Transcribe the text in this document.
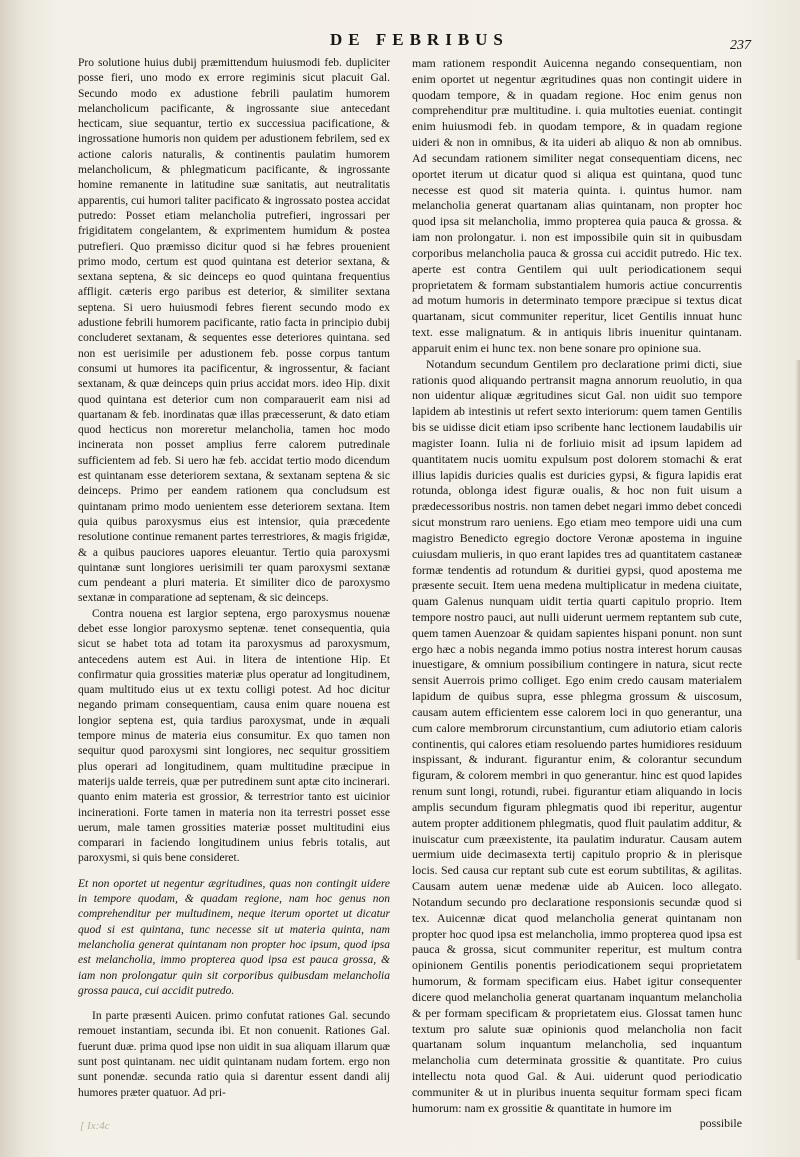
DE FEBRIBUS	237

Pro solutione huius dubij præmittendum huiusmodi feb. dupliciter posse fieri, uno modo ex errore regiminis sicut placuit Gal. Secundo modo ex adustione febrili paulatim humorem melancholicum pacificante, & ingrossante siue antecedant hecticam, siue sequantur, tertio ex successiua pacificatione, & ingrossatione humoris non quidem per adustionem febrilem, sed ex actione caloris naturalis, & continentis paulatim humorem melancholicum, & phlegmaticum pacificante, & ingrossante homine remanente in latitudine suæ sanitatis, aut neutralitatis apparentis, cui humori taliter pacificato & ingrossato postea accidat putredo: Posset etiam melancholia putrefieri, ingrossari per frigiditatem congelantem, & exprimentem humidum & postea putrefieri. Quo præmisso dicitur quod si hæ febres prouenient primo modo, certum est quod quintana est deterior sextana, & sextana septena, & sic deinceps eo quod quintana frequentius affligit. cæteris ergo paribus est deterior, & similiter sextana septena. Si uero huiusmodi febres fierent secundo modo ex adustione febrili humorem pacificante, ratio facta in principio dubij concluderet sextanam, & sequentes esse deteriores quintana. sed non est uerisimile per adustionem feb. posse corpus tantum consumi ut humores ita pacificentur, & ingrossentur, & faciant sextanam, & quæ deinceps quin prius accidat mors. ideo Hip. dixit quod quintana est deterior cum non comparauerit eam nisi ad quartanam & feb. inordinatas quæ illas præcesserunt, & dato etiam quod hecticus non moreretur melancholia, tamen hoc modo incinerata non posset amplius ferre calorem putredinale sufficientem ad feb. Si uero hæ feb. accidat tertio modo dicendum est quintanam esse deteriorem sextana, & sextanam septena & sic deinceps. Primo per eandem rationem qua concludsum est quintanam primo modo uenientem esse deteriorem sextana. Item quia quibus paroxysmus eius est intensior, quia præcedente resolutione continue remanent partes terrestriores, & magis frigidæ, & a quibus pauciores uapores eleuantur. Tertio quia paroxysmi quintanæ sunt longiores uerisimili ter quam paroxysmi sextanæ cum pendeant a pluri materia. Et similiter dico de paroxysmo sextanæ in comparatione ad septenam, & sic deinceps.

Contra nouena est largior septena, ergo paroxysmus nouenæ debet esse longior paroxysmo septenæ. tenet consequentia, quia sicut se habet tota ad totam ita paroxysmus ad paroxysmum, antecedens autem est Aui. in litera de intentione Hip. Et confirmatur quia grossities materiæ plus operatur ad longitudinem, quam multitudo eius ut ex textu colligi potest. Ad hoc dicitur negando primam consequentiam, causa enim quare nouena est longior septena est, quia tardius paroxysmat, unde in æquali tempore minus de materia eius consumitur. Ex quo tamen non sequitur quod paroxysmi sint longiores, nec sequitur grossitiem plus operari ad longitudinem, quam multitudine præcipue in materijs ualde terreis, quæ per putredinem sunt aptæ cito incinerari. quanto enim materia est grossior, & terrestrior tanto est uicinior incinerationi. Forte tamen in materia non ita terrestri posset esse uerum, male tamen grossities materiæ posset multitudini eius comparari in faciendo longitudinem unius febris totalis, aut paroxysmi, si quis bene consideret.

Et non oportet ut negentur ægritudines, quas non contingit uidere in tempore quodam, & quadam regione, nam hoc genus non comprehenditur per multudinem, neque iterum oportet ut dicatur quod si est quintana, tunc necesse sit ut materia quinta, nam melancholia generat quintanam non propter hoc ipsum, quod ipsa est melancholia, immo propterea quod ipsa est pauca grossa, & iam non prolongatur quin sit corporibus quibusdam melancholia grossa pauca, cui accidit putredo.

In parte præsenti Auicen. primo confutat rationes Gal. secundo remouet instantiam, secunda ibi. Et non conuenit. Rationes Gal. fuerunt duæ. prima quod ipse non uidit in sua aliquam illarum quæ sunt post quintanam. nec uidit quintanam nudam fortem. ergo non sunt ponendæ. secunda ratio quia si darentur essent dandi alij humores præter quatuor. Ad pri-

mam rationem respondit Auicenna negando consequentiam, non enim oportet ut negentur ægritudines quas non contingit uidere in quodam tempore, & in quadam regione. Hoc enim genus non comprehenditur præ multitudine. i. quia multoties eueniat. contingit enim huiusmodi feb. in quodam tempore, & in quadam regione uideri & non in omnibus, & ita uideri ab aliquo & non ab omnibus. Ad secundam rationem similiter negat consequentiam dicens, nec oportet iterum ut dicatur quod si aliqua est quintana, quod tunc necesse est quod sit materia quinta. i. quintus humor. nam melancholia generat quartanam alias quintanam, non propter hoc quod ipsa sit melancholia, immo propterea quia pauca & grossa. & iam non prolongatur. i. non est impossibile quin sit in quibusdam corporibus melancholia pauca & grossa cui accidit putredo. Hic tex. aperte est contra Gentilem qui uult periodicationem sequi proprietatem & formam substantialem humoris actiue concurrentis ad motum humoris in determinato tempore præcipue si textus dicat quartanam, sicut communiter reperitur, licet Gentilis innuat hunc text. esse malignatum. & in antiquis libris inuenitur quintanam. apparuit enim ei hunc tex. non bene sonare pro opinione sua.

Notandum secundum Gentilem pro declaratione primi dicti, siue rationis quod aliquando pertransit magna annorum reuolutio, in qua non uidentur aliquæ ægritudines sicut Gal. non uidit suo tempore lapidem ab intestinis ut refert sexto interiorum: quem tamen Gentilis bis se uidisse dicit etiam ipso scribente hanc lectionem laudabilis uir magister Ioann. Iulia ni de forliuio misit ad ipsum lapidem ad quantitatem nucis uomitu expulsum post dolorem stomachi & erat illius lapidis duricies qualis est duricies gypsi, & figura lapidis erat rotunda, oblonga idest figuræ oualis, & hoc non fuit uisum a prædecessoribus nostris. non tamen debet negari immo debet concedi sicut monstrum raro ueniens. Ego etiam meo tempore uidi una cum magistro Benedicto egregio doctore Veronæ apostema in inguine cuiusdam mulieris, in quo erant lapides tres ad quantitatem castaneæ formæ tendentis ad rotundum & duritiei gypsi, quod apostema me præsente secuit. Item uena medena multiplicatur in medena ciuitate, quam Galenus nunquam uidit tertia quarti capitulo proprio. Item tempore nostro pauci, aut nulli uiderunt uermem reptantem sub cute, quem tamen Auenzoar & quidam sapientes hispani ponunt. non sunt ergo hæc a nobis neganda immo potius nostra interest horum causas inuestigare, & omnium possibilium contingere in natura, sicut recte sensit Auerrois primo colliget. Ego enim credo causam materialem lapidum de quibus supra, esse phlegma grossum & uiscosum, causam autem efficientem esse calorem loci in quo generantur, una cum calore membrorum circunstantium, cum adiutorio etiam caloris continentis, qui calores etiam resoluendo partes humidiores residuum inspissant, & indurant. figurantur enim, & colorantur secundum figuram, & colorem membri in quo generantur. hinc est quod lapides renum sunt longi, rotundi, rubei. figurantur etiam aliquando in locis amplis secundum figuram phlegmatis quod ibi reperitur, augentur autem propter additionem phlegmatis, quod fluit paulatim additur, & inuiscatur cum præexistente, ita paulatim induratur. Causam autem uermium uide decimasexta tertij capitulo proprio & in plerisque locis. Sed causa cur reptant sub cute est eorum subtilitas, & agilitas. Causam autem uenæ medenæ uide ab Auicen. loco allegato. Notandum secundo pro declaratione responsionis secundæ quod si tex. Auicennæ dicat quod melancholia generat quintanam non propter hoc quod ipsa est melancholia, immo propterea quod ipsa est pauca & grossa, sicut communiter reperitur, est multum contra opinionem Gentilis ponentis periodicationem sequi proprietatem humorum, & formam specificam eius. Habet igitur consequenter dicere quod melancholia generat quartanam inquantum melancholia & per formam specificam & proprietatem eius. Glossat tamen hunc textum pro salute suæ opinionis quod melancholia non facit quartanam solum inquantum melancholia, sed inquantum melancholia cum determinata grossitie & quantitate. Pro cuius intellectu nota quod Gal. & Aui. uiderunt quod periodicatio communiter & ut in pluribus inuenta sequitur formam speci ficam humorum: nam ex grossitie & quantitate in humore im

possibile

[ Ix:4c
